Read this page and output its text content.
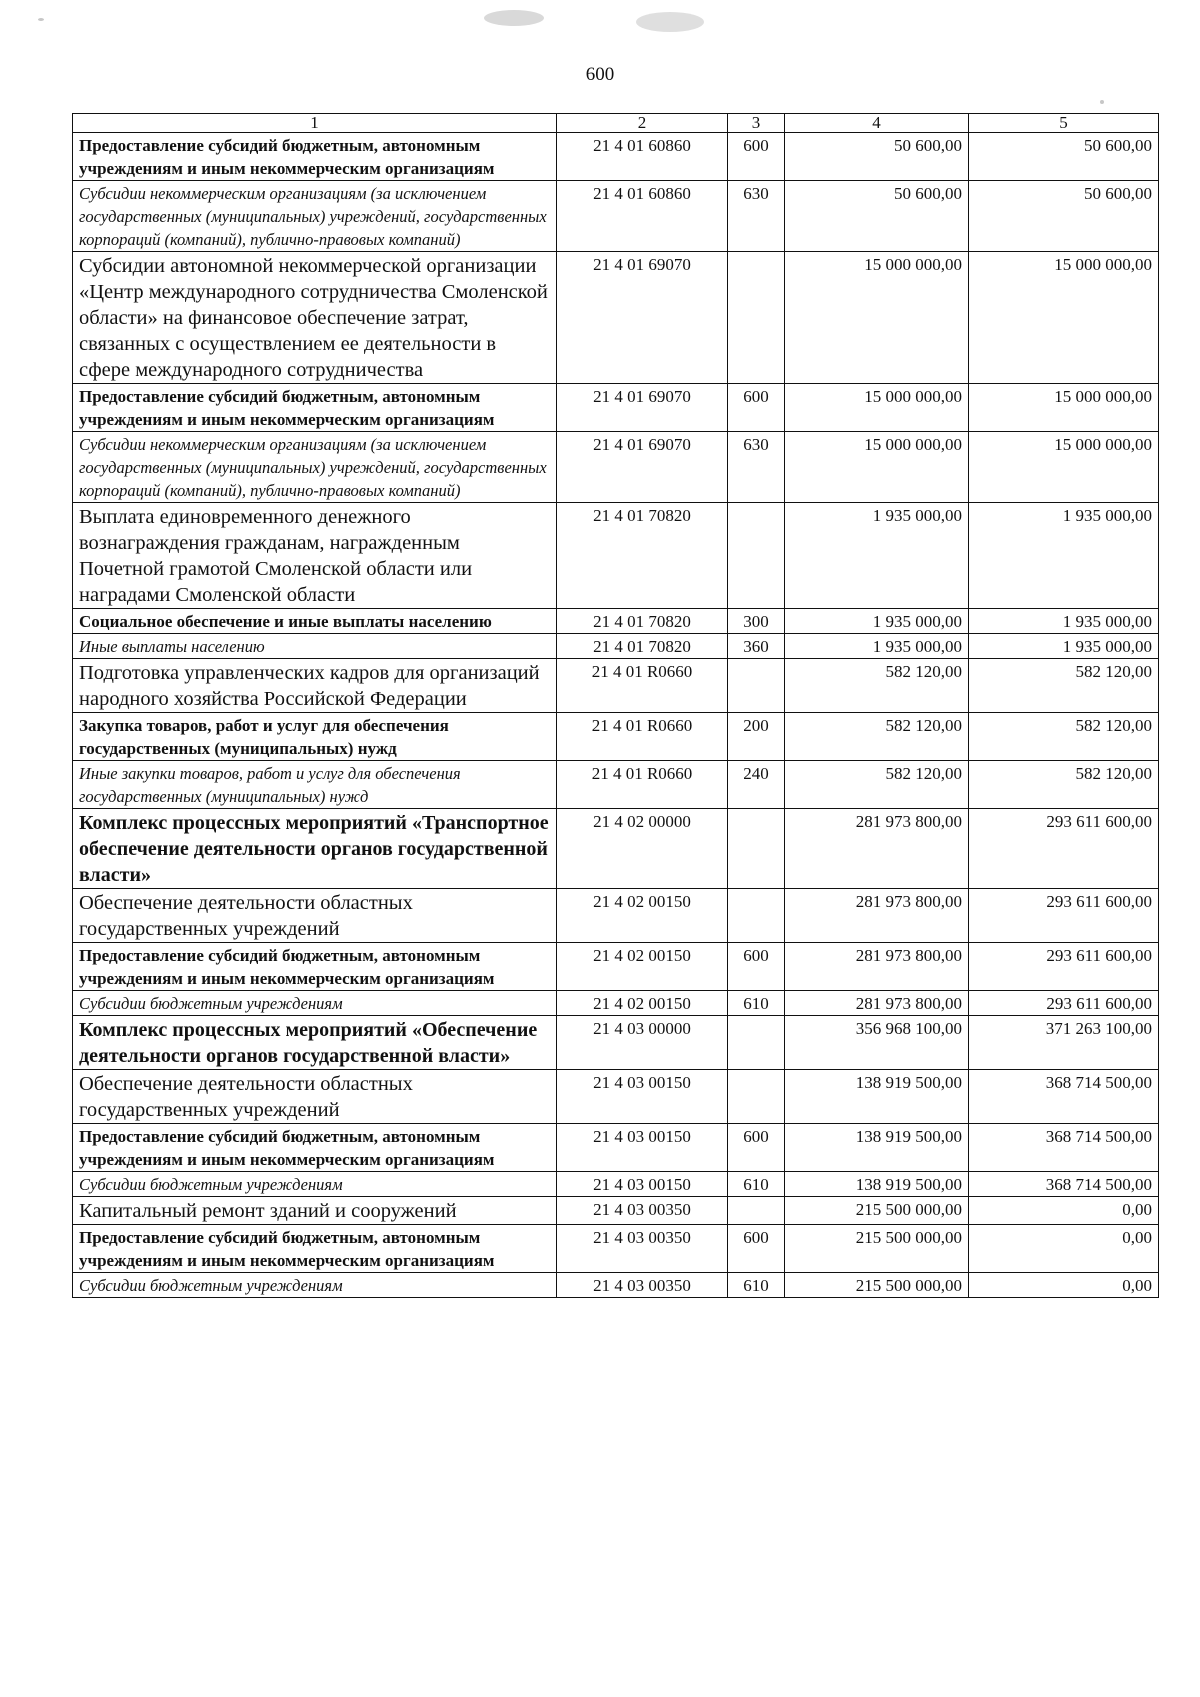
600
1	2	3	4	5
Предоставление субсидий бюджетным, автономным учреждениям и иным некоммерческим организациям	21 4 01 60860	600	50 600,00	50 600,00
Субсидии некоммерческим организациям (за исключением государственных (муниципальных) учреждений, государственных корпораций (компаний), публично-правовых компаний)	21 4 01 60860	630	50 600,00	50 600,00
Субсидии автономной некоммерческой организации «Центр международного сотрудничества Смоленской области» на финансовое обеспечение затрат, связанных с осуществлением ее деятельности в сфере международного сотрудничества	21 4 01 69070		15 000 000,00	15 000 000,00
Предоставление субсидий бюджетным, автономным учреждениям и иным некоммерческим организациям	21 4 01 69070	600	15 000 000,00	15 000 000,00
Субсидии некоммерческим организациям (за исключением государственных (муниципальных) учреждений, государственных корпораций (компаний), публично-правовых компаний)	21 4 01 69070	630	15 000 000,00	15 000 000,00
Выплата единовременного денежного вознаграждения гражданам, награжденным Почетной грамотой Смоленской области или наградами Смоленской области	21 4 01 70820		1 935 000,00	1 935 000,00
Социальное обеспечение и иные выплаты населению	21 4 01 70820	300	1 935 000,00	1 935 000,00
Иные выплаты населению	21 4 01 70820	360	1 935 000,00	1 935 000,00
Подготовка управленческих кадров для организаций народного хозяйства Российской Федерации	21 4 01 R0660		582 120,00	582 120,00
Закупка товаров, работ и услуг для обеспечения государственных (муниципальных) нужд	21 4 01 R0660	200	582 120,00	582 120,00
Иные закупки товаров, работ и услуг для обеспечения государственных (муниципальных) нужд	21 4 01 R0660	240	582 120,00	582 120,00
Комплекс процессных мероприятий «Транспортное обеспечение деятельности органов государственной власти»	21 4 02 00000		281 973 800,00	293 611 600,00
Обеспечение деятельности областных государственных учреждений	21 4 02 00150		281 973 800,00	293 611 600,00
Предоставление субсидий бюджетным, автономным учреждениям и иным некоммерческим организациям	21 4 02 00150	600	281 973 800,00	293 611 600,00
Субсидии бюджетным учреждениям	21 4 02 00150	610	281 973 800,00	293 611 600,00
Комплекс процессных мероприятий «Обеспечение деятельности органов государственной власти»	21 4 03 00000		356 968 100,00	371 263 100,00
Обеспечение деятельности областных государственных учреждений	21 4 03 00150		138 919 500,00	368 714 500,00
Предоставление субсидий бюджетным, автономным учреждениям и иным некоммерческим организациям	21 4 03 00150	600	138 919 500,00	368 714 500,00
Субсидии бюджетным учреждениям	21 4 03 00150	610	138 919 500,00	368 714 500,00
Капитальный ремонт зданий и сооружений	21 4 03 00350		215 500 000,00	0,00
Предоставление субсидий бюджетным, автономным учреждениям и иным некоммерческим организациям	21 4 03 00350	600	215 500 000,00	0,00
Субсидии бюджетным учреждениям	21 4 03 00350	610	215 500 000,00	0,00
